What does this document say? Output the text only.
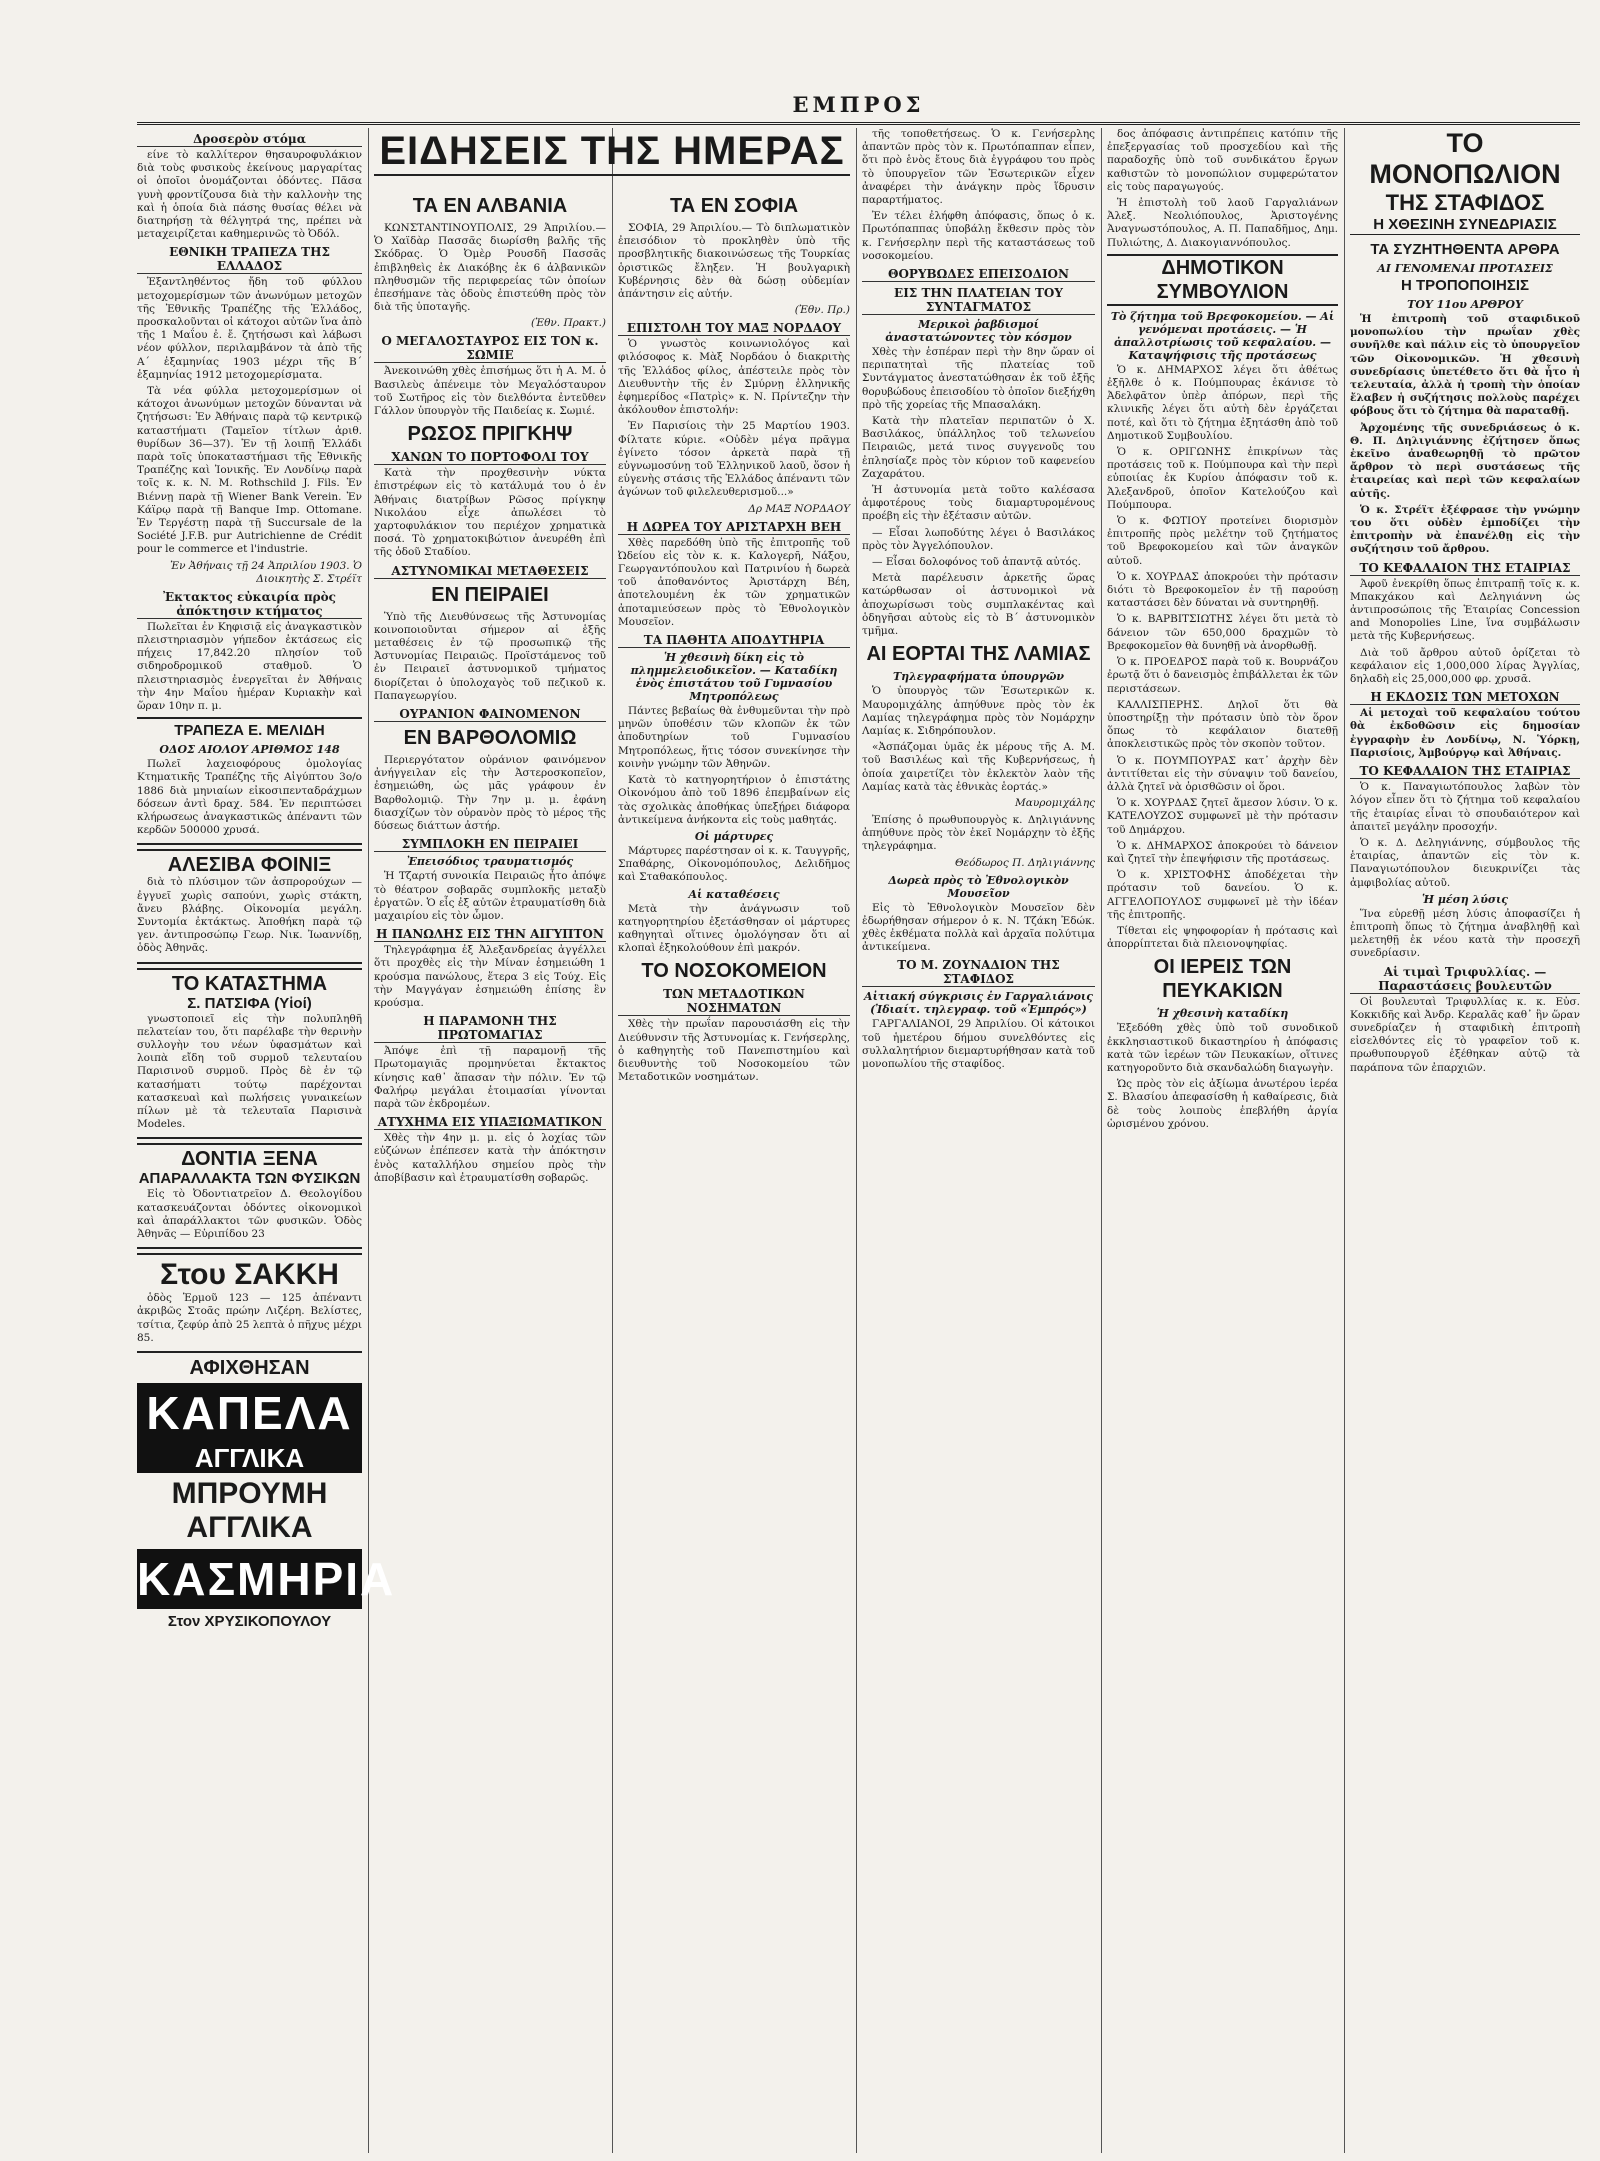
ΕΜΠΡΟΣ
Δροσερὸν στόμα

είνε τὸ καλλίτερον θησαυροφυλάκιον διὰ τοὺς φυσικοὺς ἐκείνους μαργαρίτας οἱ ὁποῖοι ὀνομάζονται ὀδόντες. Πᾶσα γυνὴ φροντίζουσα διὰ τὴν καλλονὴν της καὶ ἡ ὁποία διὰ πάσης θυσίας θέλει νὰ διατηρήσῃ τὰ θέλγητρά της, πρέπει νὰ μεταχειρίζεται καθημερινῶς τὸ Ὀδόλ.

ΕΘΝΙΚΗ ΤΡΑΠΕΖΑ ΤΗΣ ΕΛΛΑΔΟΣ

Ἐξαντληθέντος ἤδη τοῦ φύλλου μετοχομερίσμων τῶν ἀνωνύμων μετοχῶν τῆς Ἐθνικῆς Τραπέζης τῆς Ἑλλάδος, προσκαλοῦνται οἱ κάτοχοι αὐτῶν ἵνα ἀπὸ τῆς 1 Μαΐου ἐ. ἔ. ζητήσωσι καὶ λάβωσι νέον φύλλον, περιλαμβάνον τὰ ἀπὸ τῆς Α΄ ἑξαμηνίας 1903 μέχρι τῆς Β΄ ἑξαμηνίας 1912 μετοχομερίσματα.

Τὰ νέα φύλλα μετοχομερίσμων οἱ κάτοχοι ἀνωνύμων μετοχῶν δύνανται νὰ ζητήσωσι: Ἐν Ἀθήναις παρὰ τῷ κεντρικῷ καταστήματι (Ταμεῖον τίτλων ἀριθ. θυρίδων 36—37). Ἐν τῇ λοιπῇ Ἑλλάδι παρὰ τοῖς ὑποκαταστήμασι τῆς Ἐθνικῆς Τραπέζης καὶ Ἰονικῆς. Ἐν Λονδίνῳ παρὰ τοῖς κ. κ. N. M. Rothschild J. Fils. Ἐν Βιέννῃ παρὰ τῇ Wiener Bank Verein. Ἐν Κάϊρῳ παρὰ τῇ Banque Imp. Ottomane. Ἐν Τεργέστῃ παρὰ τῇ Succursale de la Société J.F.B. pur Autrichienne de Crédit pour le commerce et l'industrie.

Ἐν Ἀθήναις τῇ 24 Ἀπριλίου 1903. Ὁ Διοικητὴς Σ. Στρέϊτ
Ἐκτακτος εὐκαιρία πρὸς ἀπόκτησιν κτήματος

Πωλεῖται ἐν Κηφισιᾷ εἰς ἀναγκαστικὸν πλειστηριασμὸν γήπεδον ἐκτάσεως εἰς πήχεις 17,842.20 πλησίον τοῦ σιδηροδρομικοῦ σταθμοῦ. Ὁ πλειστηριασμὸς ἐνεργεῖται ἐν Ἀθήναις τὴν 4ην Μαΐου ἡμέραν Κυριακὴν καὶ ὥραν 10ην π. μ.

ΤΡΑΠΕΖΑ Ε. ΜΕΛΙΔΗ
ΟΔΟΣ ΑΙΟΛΟΥ ΑΡΙΘΜΟΣ 148

Πωλεῖ λαχειοφόρους ὁμολογίας Κτηματικῆς Τραπέζης τῆς Αἰγύπτου 3ο/ο 1886 διὰ μηνιαίων εἰκοσιπενταδράχμων δόσεων ἀντὶ δραχ. 584. Ἐν περιπτώσει κλήρωσεως ἀναγκαστικῶς ἀπέναντι τῶν κερδῶν 500000 χρυσά.

ΑΛΕΣΙΒΑ ΦΟΙΝΙΞ

διὰ τὸ πλύσιμον τῶν ἀσπρορούχων — ἐγγυεῖ χωρὶς σαπούνι, χωρὶς στάκτη, ἄνευ βλάβης. Οἰκονομία μεγάλη. Συντομία ἐκτάκτως. Ἀποθήκη παρὰ τῷ γεν. ἀντιπροσώπῳ Γεωρ. Νικ. Ἰωαννίδῃ, ὁδὸς Ἀθηνᾶς.

ΤΟ ΚΑΤΑΣΤΗΜΑ
Σ. ΠΑΤΣΙΦΑ (Υἱοί)

γνωστοποιεῖ εἰς τὴν πολυπληθῆ πελατείαν του, ὅτι παρέλαβε τὴν θερινὴν συλλογὴν του νέων ὑφασμάτων καὶ λοιπὰ εἴδη τοῦ συρμοῦ τελευταίου Παρισινοῦ συρμοῦ. Πρὸς δὲ ἐν τῷ κατασήματι τούτῳ παρέχονται κατασκευαὶ καὶ πωλήσεις γυναικείων πίλων μὲ τὰ τελευταῖα Παρισινὰ Modeles.

ΔΟΝΤΙΑ ΞΕΝΑ
ΑΠΑΡΑΛΛΑΚΤΑ ΤΩΝ ΦΥΣΙΚΩΝ

Εἰς τὸ Ὀδοντιατρεῖον Δ. Θεολογίδου κατασκευάζονται ὀδόντες οἰκονομικοὶ καὶ ἀπαράλλακτοι τῶν φυσικῶν. Ὁδὸς Ἀθηνᾶς — Εὐριπίδου 23

Στου ΣΑΚΚΗ

ὁδὸς Ἑρμοῦ 123 — 125 ἀπέναντι ἀκριβῶς Στοᾶς πρώην Λιζέρη. Βελίστες, τσίτια, ζεφύρ ἀπὸ 25 λεπτὰ ὁ πῆχυς μέχρι 85.

ΑΦΙΧΘΗΣΑΝ
ΚΑΠΕΛΑ
ΑΓΓΛΙΚΑ
ΜΠΡΟΥΜΗ
ΑΓΓΛΙΚΑ
ΚΑΣΜΗΡΙΑ
Στον ΧΡΥΣΙΚΟΠΟΥΛΟΥ
ΕΙΔΗΣΕΙΣ ΤΗΣ ΗΜΕΡΑΣ
ΤΑ ΕΝ ΑΛΒΑΝΙΑ

ΚΩΝΣΤΑΝΤΙΝΟΥΠΟΛΙΣ, 29 Ἀπριλίου.— Ὁ Χαϊδὰρ Πασσᾶς διωρίσθη βαλῆς τῆς Σκόδρας. Ὁ Ὀμὲρ Ρουσδῆ Πασσᾶς ἐπιβληθεὶς ἐκ Διακόβης ἐκ 6 ἀλβανικῶν πληθυσμῶν τῆς περιφερείας τῶν ὁποίων ἐπεσήμανε τὰς ὁδοὺς ἐπιστεύθη πρὸς τὸν διὰ τῆς ὑποταγῆς.

(Ἐθν. Πρακτ.)
Ο ΜΕΓΑΛΟΣΤΑΥΡΟΣ ΕΙΣ ΤΟΝ κ. ΣΩΜΙΕ

Ἀνεκοινώθη χθὲς ἐπισήμως ὅτι ἡ Α. Μ. ὁ Βασιλεὺς ἀπένειμε τὸν Μεγαλόσταυρον τοῦ Σωτῆρος εἰς τὸν διελθόντα ἐντεῦθεν Γάλλον ὑπουργὸν τῆς Παιδείας κ. Σωμιέ.

ΡΩΣΟΣ ΠΡΙΓΚΗΨ
ΧΑΝΩΝ ΤΟ ΠΟΡΤΟΦΟΛΙ ΤΟΥ

Κατὰ τὴν προχθεσινὴν νύκτα ἐπιστρέφων εἰς τὸ κατάλυμά του ὁ ἐν Ἀθήναις διατρίβων Ρῶσος πρίγκηψ Νικολάου εἶχε ἀπωλέσει τὸ χαρτοφυλάκιον του περιέχον χρηματικὰ ποσά. Τὸ χρηματοκιβώτιον ἀνευρέθη ἐπὶ τῆς ὁδοῦ Σταδίου.

ΑΣΤΥΝΟΜΙΚΑΙ ΜΕΤΑΘΕΣΕΙΣ
ΕΝ ΠΕΙΡΑΙΕΙ

Ὑπὸ τῆς Διευθύνσεως τῆς Ἀστυνομίας κοινοποιοῦνται σήμερον αἱ ἑξῆς μεταθέσεις ἐν τῷ προσωπικῷ τῆς Ἀστυνομίας Πειραιῶς. Προϊστάμενος τοῦ ἐν Πειραιεῖ ἀστυνομικοῦ τμήματος διορίζεται ὁ ὑπολοχαγὸς τοῦ πεζικοῦ κ. Παπαγεωργίου.

ΟΥΡΑΝΙΟΝ ΦΑΙΝΟΜΕΝΟΝ
ΕΝ ΒΑΡΘΟΛΟΜΙΩ

Περιεργότατον οὐράνιον φαινόμενον ἀνήγγειλαν εἰς τὴν Ἀστεροσκοπεῖον, ἐσημειώθη, ὡς μᾶς γράφουν ἐν Βαρθολομιῷ. Τὴν 7ην μ. μ. ἐφάνη διασχίζων τὸν οὐρανὸν πρὸς τὸ μέρος τῆς δύσεως διάττων ἀστήρ.

ΣΥΜΠΛΟΚΗ ΕΝ ΠΕΙΡΑΙΕΙ
Ἐπεισόδιος τραυματισμός

Ἡ Τζαρτή συνοικία Πειραιῶς ἦτο ἀπόψε τὸ θέατρον σοβαρᾶς συμπλοκῆς μεταξὺ ἐργατῶν. Ὁ εἷς ἐξ αὐτῶν ἐτραυματίσθη διὰ μαχαιρίου εἰς τὸν ὦμον.

Η ΠΑΝΩΛΗΣ ΕΙΣ ΤΗΝ ΑΙΓΥΠΤΟΝ

Τηλεγράφημα ἐξ Ἀλεξανδρείας ἀγγέλλει ὅτι προχθὲς εἰς τὴν Μίναν ἐσημειώθη 1 κρούσμα πανώλους, ἕτερα 3 εἰς Τούχ. Εἰς τὴν Μαγγάγαν ἐσημειώθη ἐπίσης ἓν κρούσμα.

Η ΠΑΡΑΜΟΝΗ ΤΗΣ ΠΡΩΤΟΜΑΓΙΑΣ

Ἀπόψε ἐπὶ τῇ παραμονῇ τῆς Πρωτομαγιᾶς προμηνύεται ἔκτακτος κίνησις καθ᾽ ἅπασαν τὴν πόλιν. Ἐν τῷ Φαλήρῳ μεγάλαι ἑτοιμασίαι γίνονται παρὰ τῶν ἐκδρομέων.

ΑΤΥΧΗΜΑ ΕΙΣ ΥΠΑΞΙΩΜΑΤΙΚΟΝ

Χθὲς τὴν 4ην μ. μ. εἰς ὁ λοχίας τῶν εὐζώνων ἐπέπεσεν κατὰ τὴν ἀπόκτησιν ἑνὸς καταλλήλου σημείου πρὸς τὴν ἀποβίβασιν καὶ ἐτραυματίσθη σοβαρῶς.

ΤΑ ΕΝ ΣΟΦΙΑ

ΣΟΦΙΑ, 29 Ἀπριλίου.— Τὸ διπλωματικὸν ἐπεισόδιον τὸ προκληθὲν ὑπὸ τῆς προσβλητικῆς διακοινώσεως τῆς Τουρκίας ὁριστικῶς ἔληξεν. Ἡ βουλγαρικὴ Κυβέρνησις δὲν θὰ δώσῃ οὐδεμίαν ἀπάντησιν εἰς αὐτήν.

(Ἐθν. Πρ.)
ΕΠΙΣΤΟΛΗ ΤΟΥ ΜΑΞ ΝΟΡΔΑΟΥ

Ὁ γνωστὸς κοινωνιολόγος καὶ φιλόσοφος κ. Μὰξ Νορδάου ὁ διακριτὴς τῆς Ἑλλάδος φίλος, ἀπέστειλε πρὸς τὸν Διευθυντὴν τῆς ἐν Σμύρνῃ ἑλληνικῆς ἐφημερίδος «Πατρὶς» κ. Ν. Πρίντεζην τὴν ἀκόλουθον ἐπιστολήν:

Ἐν Παρισίοις τὴν 25 Μαρτίου 1903. Φίλτατε κύριε. «Οὐδὲν μέγα πρᾶγμα ἐγίνετο τόσον ἀρκετὰ παρὰ τῇ εὐγνωμοσύνῃ τοῦ Ἑλληνικοῦ λαοῦ, ὅσον ἡ εὐγενὴς στάσις τῆς Ἑλλάδος ἀπέναντι τῶν ἀγώνων τοῦ φιλελευθερισμοῦ...»

Δρ ΜΑΞ ΝΟΡΔΑΟΥ
Η ΔΩΡΕΑ ΤΟΥ ΑΡΙΣΤΑΡΧΗ ΒΕΗ

Χθὲς παρεδόθη ὑπὸ τῆς ἐπιτροπῆς τοῦ Ὠδείου εἰς τὸν κ. κ. Καλογερῆ, Νάξου, Γεωργαντόπουλου καὶ Πατρινίου ἡ δωρεὰ τοῦ ἀποθανόντος Ἀριστάρχη Βέη, ἀποτελουμένη ἐκ τῶν χρηματικῶν ἀποταμιεύσεων πρὸς τὸ Ἐθνολογικὸν Μουσεῖον.

ΤΑ ΠΑΘΗΤΑ ΑΠΟΔΥΤΗΡΙΑ
Ἡ χθεσινὴ δίκη εἰς τὸ πλημμελειοδικεῖον. — Καταδίκη ἑνὸς ἐπιστάτου τοῦ Γυμνασίου Μητροπόλεως

Πάντες βεβαίως θὰ ἐνθυμεῦνται τὴν πρὸ μηνῶν ὑποθέσιν τῶν κλοπῶν ἐκ τῶν ἀποδυτηρίων τοῦ Γυμνασίου Μητροπόλεως, ἥτις τόσον συνεκίνησε τὴν κοινὴν γνώμην τῶν Ἀθηνῶν.

Κατὰ τὸ κατηγορητήριον ὁ ἐπιστάτης Οἰκονόμου ἀπὸ τοῦ 1896 ἐπεμβαίνων εἰς τὰς σχολικὰς ἀποθήκας ὑπεξῄρει διάφορα ἀντικείμενα ἀνήκοντα εἰς τοὺς μαθητάς.

Οἱ μάρτυρες

Μάρτυρες παρέστησαν οἱ κ. κ. Ταυγγρῆς, Σπαθάρης, Οἰκονομόπουλος, Δελιδῆμος καὶ Σταθακόπουλος.

Αἱ καταθέσεις

Μετὰ τὴν ἀνάγνωσιν τοῦ κατηγορητηρίου ἐξετάσθησαν οἱ μάρτυρες καθηγηταὶ οἵτινες ὁμολόγησαν ὅτι αἱ κλοπαὶ ἐξηκολούθουν ἐπὶ μακρόν.

ΤΟ ΝΟΣΟΚΟΜΕΙΟΝ
ΤΩΝ ΜΕΤΑΔΟΤΙΚΩΝ ΝΟΣΗΜΑΤΩΝ

Χθὲς τὴν πρωΐαν παρουσιάσθη εἰς τὴν Διεύθυνσιν τῆς Ἀστυνομίας κ. Γενήσερλης, ὁ καθηγητὴς τοῦ Πανεπιστημίου καὶ διευθυντὴς τοῦ Νοσοκομείου τῶν Μεταδοτικῶν νοσημάτων.

τῆς τοποθετήσεως. Ὁ κ. Γενήσερλης ἀπαντῶν πρὸς τὸν κ. Πρωτόπαππαν εἶπεν, ὅτι πρὸ ἑνὸς ἔτους διὰ ἐγγράφου του πρὸς τὸ ὑπουργεῖον τῶν Ἐσωτερικῶν εἶχεν ἀναφέρει τὴν ἀνάγκην πρὸς ἵδρυσιν παραρτήματος.

Ἐν τέλει ἐλήφθη ἀπόφασις, ὅπως ὁ κ. Πρωτόπαππας ὑποβάλῃ ἔκθεσιν πρὸς τὸν κ. Γενήσερλην περὶ τῆς καταστάσεως τοῦ νοσοκομείου.

ΘΟΡΥΒΩΔΕΣ ΕΠΕΙΣΟΔΙΟΝ
ΕΙΣ ΤΗΝ ΠΛΑΤΕΙΑΝ ΤΟΥ ΣΥΝΤΑΓΜΑΤΟΣ
Μερικοὶ ῥαβδισμοί ἀναστατώνοντες τὸν κόσμον

Χθὲς τὴν ἑσπέραν περὶ τὴν 8ην ὥραν οἱ περιπατηταὶ τῆς πλατείας τοῦ Συντάγματος ἀνεστατώθησαν ἐκ τοῦ ἑξῆς θορυβώδους ἐπεισοδίου τὸ ὁποῖον διεξήχθη πρὸ τῆς χορείας τῆς Μπασαλάκη.

Κατὰ τὴν πλατεῖαν περιπατῶν ὁ Χ. Βασιλάκος, ὑπάλληλος τοῦ τελωνείου Πειραιῶς, μετά τινος συγγενοῦς του ἐπλησίαζε πρὸς τὸν κύριον τοῦ καφενείου Ζαχαράτου.

Ἡ ἀστυνομία μετὰ τοῦτο καλέσασα ἀμφοτέρους τοὺς διαμαρτυρομένους προέβη εἰς τὴν ἐξέτασιν αὐτῶν.

— Εἶσαι λωποδύτης λέγει ὁ Βασιλάκος πρὸς τὸν Ἀγγελόπουλον.

— Εἶσαι δολοφόνος τοῦ ἀπαντᾷ αὐτός.

Μετὰ παρέλευσιν ἀρκετῆς ὥρας κατώρθωσαν οἱ ἀστυνομικοὶ νὰ ἀποχωρίσωσι τοὺς συμπλακέντας καὶ ὁδηγῆσαι αὐτοὺς εἰς τὸ Β΄ ἀστυνομικὸν τμῆμα.

ΑΙ ΕΟΡΤΑΙ ΤΗΣ ΛΑΜΙΑΣ
Τηλεγραφήματα ὑπουργῶν

Ὁ ὑπουργὸς τῶν Ἐσωτερικῶν κ. Μαυρομιχάλης ἀπηύθυνε πρὸς τὸν ἐκ Λαμίας τηλεγράφημα πρὸς τὸν Νομάρχην Λαμίας κ. Σιδηρόπουλον.

«Ἀσπάζομαι ὑμᾶς ἐκ μέρους τῆς Α. Μ. τοῦ Βασιλέως καὶ τῆς Κυβερνήσεως, ἡ ὁποία χαιρετίζει τὸν ἐκλεκτὸν λαὸν τῆς Λαμίας κατὰ τὰς ἐθνικὰς ἑορτάς.»

Μαυρομιχάλης

Ἐπίσης ὁ πρωθυπουργὸς κ. Δηλιγιάννης ἀπηύθυνε πρὸς τὸν ἐκεῖ Νομάρχην τὸ ἑξῆς τηλεγράφημα.

Θεόδωρος Π. Δηλιγιάννης
Δωρεὰ πρὸς τὸ Ἐθνολογικὸν Μουσεῖον

Εἰς τὸ Ἐθνολογικὸν Μουσεῖον δὲν ἐδωρήθησαν σήμερον ὁ κ. Ν. Τζάκη Ἐδώκ. χθὲς ἐκθέματα πολλὰ καὶ ἀρχαῖα πολύτιμα ἀντικείμενα.

ΤΟ Μ. ΖΟΥΝΑΔΙΟΝ ΤΗΣ ΣΤΑΦΙΔΟΣ
Αἰτιακή σύγκρισις ἐν Γαργαλιάνοις (Ἰδιαίτ. τηλεγραφ. τοῦ «Ἐμπρός»)

ΓΑΡΓΑΛΙΑΝΟΙ, 29 Ἀπριλίου. Οἱ κάτοικοι τοῦ ἡμετέρου δήμου συνελθόντες εἰς συλλαλητήριον διεμαρτυρήθησαν κατὰ τοῦ μονοπωλίου τῆς σταφίδος.

δος ἀπόφασις ἀντιπρέπεις κατόπιν τῆς ἐπεξεργασίας τοῦ προσχεδίου καὶ τῆς παραδοχῆς ὑπὸ τοῦ συνδικάτου ἔργων καθιστῶν τὸ μονοπώλιον συμφερώτατον εἰς τοὺς παραγωγούς.

Ἡ ἐπιστολὴ τοῦ λαοῦ Γαργαλιάνων Ἀλεξ. Νεολιόπουλος, Ἀριστογένης Ἀναγνωστόπουλος, Α. Π. Παπαδῆμος, Δημ. Πυλιώτης, Δ. Διακογιαννόπουλος.

ΔΗΜΟΤΙΚΟΝ ΣΥΜΒΟΥΛΙΟΝ
Τὸ ζήτημα τοῦ Βρεφοκομείου. — Αἱ γενόμεναι προτάσεις. — Ἡ ἀπαλλοτρίωσις τοῦ κεφαλαίου. — Καταψήφισις τῆς προτάσεως

Ὁ κ. ΔΗΜΑΡΧΟΣ λέγει ὅτι ἀθέτως ἐξῆλθε ὁ κ. Πούμπουρας ἐκάνισε τὸ Ἀδελφᾶτον ὑπὲρ ἀπόρων, περὶ τῆς κλινικῆς λέγει ὅτι αὐτὴ δὲν ἐργάζεται ποτέ, καὶ ὅτι τὸ ζήτημα ἐξητάσθη ἀπὸ τοῦ Δημοτικοῦ Συμβουλίου.

Ὁ κ. ΟΡΙΓΩΝΗΣ ἐπικρίνων τὰς προτάσεις τοῦ κ. Πούμπουρα καὶ τὴν περὶ εὐποιίας ἐκ Κυρίου ἀπόφασιν τοῦ κ. Ἀλεξανδροῦ, ὁποῖον Κατελούζου καὶ Πούμπουρα.

Ὁ κ. ΦΩΤΙΟΥ προτείνει διορισμὸν ἐπιτροπῆς πρὸς μελέτην τοῦ ζητήματος τοῦ Βρεφοκομείου καὶ τῶν ἀναγκῶν αὐτοῦ.

Ὁ κ. ΧΟΥΡΔΑΣ ἀποκρούει τὴν πρότασιν διότι τὸ Βρεφοκομεῖον ἐν τῇ παρούσῃ καταστάσει δὲν δύναται νὰ συντηρηθῇ.

Ὁ κ. ΒΑΡΒΙΤΣΙΩΤΗΣ λέγει ὅτι μετὰ τὸ δάνειον τῶν 650,000 δραχμῶν τὸ Βρεφοκομεῖον θὰ δυνηθῇ νὰ ἀνορθωθῇ.

Ὁ κ. ΠΡΟΕΔΡΟΣ παρὰ τοῦ κ. Βουρνάζου ἐρωτᾷ ὅτι ὁ δανεισμὸς ἐπιβάλλεται ἐκ τῶν περιστάσεων.

ΚΑΛΛΙΣΠΕΡΗΣ. Δηλοῖ ὅτι θὰ ὑποστηρίξῃ τὴν πρότασιν ὑπὸ τὸν ὅρον ὅπως τὸ κεφάλαιον διατεθῇ ἀποκλειστικῶς πρὸς τὸν σκοπὸν τοῦτον.

Ὁ κ. ΠΟΥΜΠΟΥΡΑΣ κατ᾽ ἀρχὴν δὲν ἀντιτίθεται εἰς τὴν σύναψιν τοῦ δανείου, ἀλλὰ ζητεῖ νὰ ὁρισθῶσιν οἱ ὅροι.

Ὁ κ. ΧΟΥΡΔΑΣ ζητεῖ ἄμεσον λύσιν. Ὁ κ. ΚΑΤΕΛΟΥΖΟΣ συμφωνεῖ μὲ τὴν πρότασιν τοῦ Δημάρχου.

Ὁ κ. ΔΗΜΑΡΧΟΣ ἀποκρούει τὸ δάνειον καὶ ζητεῖ τὴν ἐπεψήφισιν τῆς προτάσεως.

Ὁ κ. ΧΡΙΣΤΟΦΗΣ ἀποδέχεται τὴν πρότασιν τοῦ δανείου. Ὁ κ. ΑΓΓΕΛΟΠΟΥΛΟΣ συμφωνεῖ μὲ τὴν ἰδέαν τῆς ἐπιτροπῆς.

Τίθεται εἰς ψηφοφορίαν ἡ πρότασις καὶ ἀπορρίπτεται διὰ πλειονοψηφίας.

ΟΙ ΙΕΡΕΙΣ ΤΩΝ ΠΕΥΚΑΚΙΩΝ
Ἡ χθεσινὴ καταδίκη

Ἐξεδόθη χθὲς ὑπὸ τοῦ συνοδικοῦ ἐκκλησιαστικοῦ δικαστηρίου ἡ ἀπόφασις κατὰ τῶν ἱερέων τῶν Πευκακίων, οἵτινες κατηγοροῦντο διὰ σκανδαλώδη διαγωγὴν.

Ὡς πρὸς τὸν εἰς ἀξίωμα ἀνωτέρου ἱερέα Σ. Βλασίου ἀπεφασίσθη ἡ καθαίρεσις, διὰ δὲ τοὺς λοιποὺς ἐπεβλήθη ἀργία ὡρισμένου χρόνου.

ΤΟ ΜΟΝΟΠΩΛΙΟΝ
ΤΗΣ ΣΤΑΦΙΔΟΣ
Η ΧΘΕΣΙΝΗ ΣΥΝΕΔΡΙΑΣΙΣ
ΤΑ ΣΥΖΗΤΗΘΕΝΤΑ ΑΡΘΡΑ
ΑΙ ΓΕΝΟΜΕΝΑΙ ΠΡΟΤΑΣΕΙΣ
Η ΤΡΟΠΟΠΟΙΗΣΙΣ
ΤΟΥ 11ου ΑΡΘΡΟΥ

Ἡ ἐπιτροπὴ τοῦ σταφιδικοῦ μονοπωλίου τὴν πρωΐαν χθὲς συνῆλθε καὶ πάλιν εἰς τὸ ὑπουργεῖον τῶν Οἰκονομικῶν. Ἡ χθεσινὴ συνεδρίασις ὑπετέθετο ὅτι θὰ ἦτο ἡ τελευταία, ἀλλὰ ἡ τροπὴ τὴν ὁποίαν ἔλαβεν ἡ συζήτησις πολλοὺς παρέχει φόβους ὅτι τὸ ζήτημα θὰ παραταθῇ.

Ἀρχομένης τῆς συνεδριάσεως ὁ κ. Θ. Π. Δηλιγιάννης ἐζήτησεν ὅπως ἐκεῖνο ἀναθεωρηθῇ τὸ πρῶτον ἄρθρον τὸ περὶ συστάσεως τῆς ἑταιρείας καὶ περὶ τῶν κεφαλαίων αὐτῆς.

Ὁ κ. Στρέϊτ ἐξέφρασε τὴν γνώμην του ὅτι οὐδὲν ἐμποδίζει τὴν ἐπιτροπὴν νὰ ἐπανέλθῃ εἰς τὴν συζήτησιν τοῦ ἄρθρου.

ΤΟ ΚΕΦΑΛΑΙΟΝ ΤΗΣ ΕΤΑΙΡΙΑΣ

Ἀφοῦ ἐνεκρίθη ὅπως ἐπιτραπῇ τοῖς κ. κ. Μπακχάκου καὶ Δεληγιάννη ὡς ἀντιπροσώποις τῆς Ἑταιρίας Concession and Monopolies Line, ἵνα συμβάλωσιν μετὰ τῆς Κυβερνήσεως.

Διὰ τοῦ ἄρθρου αὐτοῦ ὁρίζεται τὸ κεφάλαιον εἰς 1,000,000 λίρας Ἀγγλίας, δηλαδὴ εἰς 25,000,000 φρ. χρυσᾶ.

Η ΕΚΔΟΣΙΣ ΤΩΝ ΜΕΤΟΧΩΝ

Αἱ μετοχαὶ τοῦ κεφαλαίου τούτου θὰ ἐκδοθῶσιν εἰς δημοσίαν ἐγγραφὴν ἐν Λονδίνῳ, Ν. Ὑόρκῃ, Παρισίοις, Ἀμβούργῳ καὶ Ἀθήναις.

ΤΟ ΚΕΦΑΛΑΙΟΝ ΤΗΣ ΕΤΑΙΡΙΑΣ

Ὁ κ. Παναγιωτόπουλος λαβὼν τὸν λόγον εἶπεν ὅτι τὸ ζήτημα τοῦ κεφαλαίου τῆς ἑταιρίας εἶναι τὸ σπουδαιότερον καὶ ἀπαιτεῖ μεγάλην προσοχήν.

Ὁ κ. Δ. Δεληγιάννης, σύμβουλος τῆς ἑταιρίας, ἀπαντῶν εἰς τὸν κ. Παναγιωτόπουλον διευκρινίζει τὰς ἀμφιβολίας αὐτοῦ.

Ἡ μέση λύσις

Ἵνα εὑρεθῇ μέση λύσις ἀποφασίζει ἡ ἐπιτροπὴ ὅπως τὸ ζήτημα ἀναβληθῇ καὶ μελετηθῇ ἐκ νέου κατὰ τὴν προσεχῆ συνεδρίασιν.

Αἱ τιμαὶ Τριφυλλίας. — Παραστάσεις βουλευτῶν

Οἱ βουλευταὶ Τριφυλλίας κ. κ. Εὐσ. Κοκκιδῆς καὶ Ἀνδρ. Κεραλᾶς καθ᾽ ἣν ὥραν συνεδρίαζεν ἡ σταφιδικὴ ἐπιτροπὴ εἰσελθόντες εἰς τὸ γραφεῖον τοῦ κ. πρωθυπουργοῦ ἐξέθηκαν αὐτῷ τὰ παράπονα τῶν ἐπαρχιῶν.
